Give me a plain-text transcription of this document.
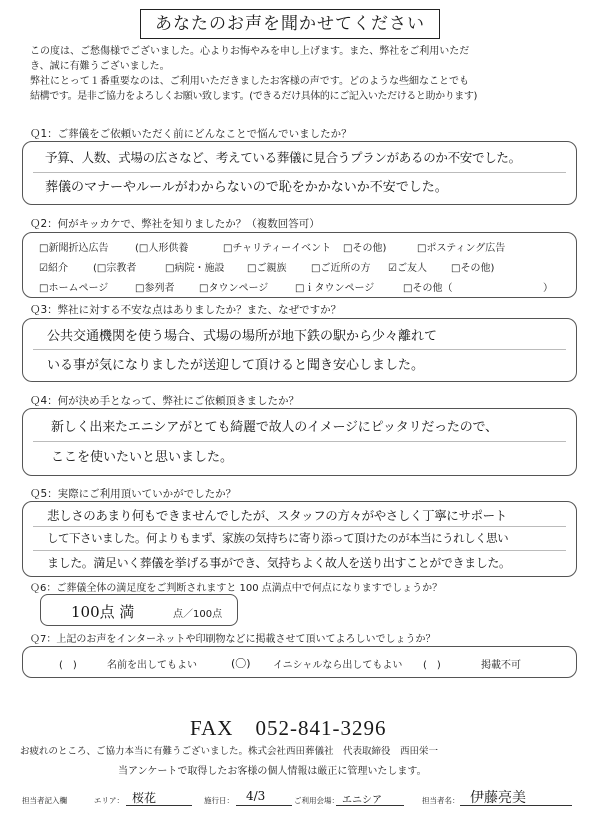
あなたのお声を聞かせてください
この度は、ご愁傷様でございました。心よりお悔やみを申し上げます。また、弊社をご利用いただ
き、誠に有難うございました。
弊社にとって１番重要なのは、ご利用いただきましたお客様の声です。どのような些細なことでも
結構です。是非ご協力をよろしくお願い致します。(できるだけ具体的にご記入いただけると助かります)
Ｑ1：ご葬儀をご依頼いただく前にどんなことで悩んでいましたか？
予算、人数、式場の広さなど、考えている葬儀に見合うプランがあるのか不安でした。
葬儀のマナーやルールがわからないので恥をかかないか不安でした。
Ｑ2：何がキッカケで、弊社を知りましたか？（複数回答可）
□新聞折込広告	(□人形供養	□チャリティーイベント □その他)	□ポスティング広告
☑紹介	(□宗教者	□病院・施設 □ご親族 □ご近所の方 ☑ご友人 □その他)
□ホームページ	□参列者 □タウンページ	□ｉタウンページ	□その他（	）
Ｑ3：弊社に対する不安な点はありましたか？また、なぜですか？
公共交通機関を使う場合、式場の場所が地下鉄の駅から少々離れて
いる事が気になりましたが送迎して頂けると聞き安心しました。
Ｑ4：何が決め手となって、弊社にご依頼頂きましたか？
新しく出来たエニシアがとても綺麗で故人のイメージにピッタリだったので、
ここを使いたいと思いました。
Ｑ5：実際にご利用頂いていかがでしたか？
悲しさのあまり何もできませんでしたが、スタッフの方々がやさしく丁寧にサポート
して下さいました。何よりもまず、家族の気持ちに寄り添って頂けたのが本当にうれしく思い
ました。満足いく葬儀を挙げる事ができ、気持ちよく故人を送り出すことができました。
Ｑ6：ご葬儀全体の満足度をご判断されますと 100 点満点中で何点になりますでしょうか？
100点 満	点／100点
Ｑ7：上記のお声をインターネットや印刷物などに掲載させて頂いてよろしいでしょうか？
(　)	名前を出してもよい	(〇) イニシャルなら出してもよい (　)	掲載不可
FAX　052-841-3296
お疲れのところ、ご協力本当に有難うございました。株式会社西田葬儀社　代表取締役　西田栄一
当アンケートで取得したお客様の個人情報は厳正に管理いたします。
担当者記入欄	エリア： 桜花	施行日： 4/3	ご利用会場： エニシア	担当者名： 伊藤亮美
